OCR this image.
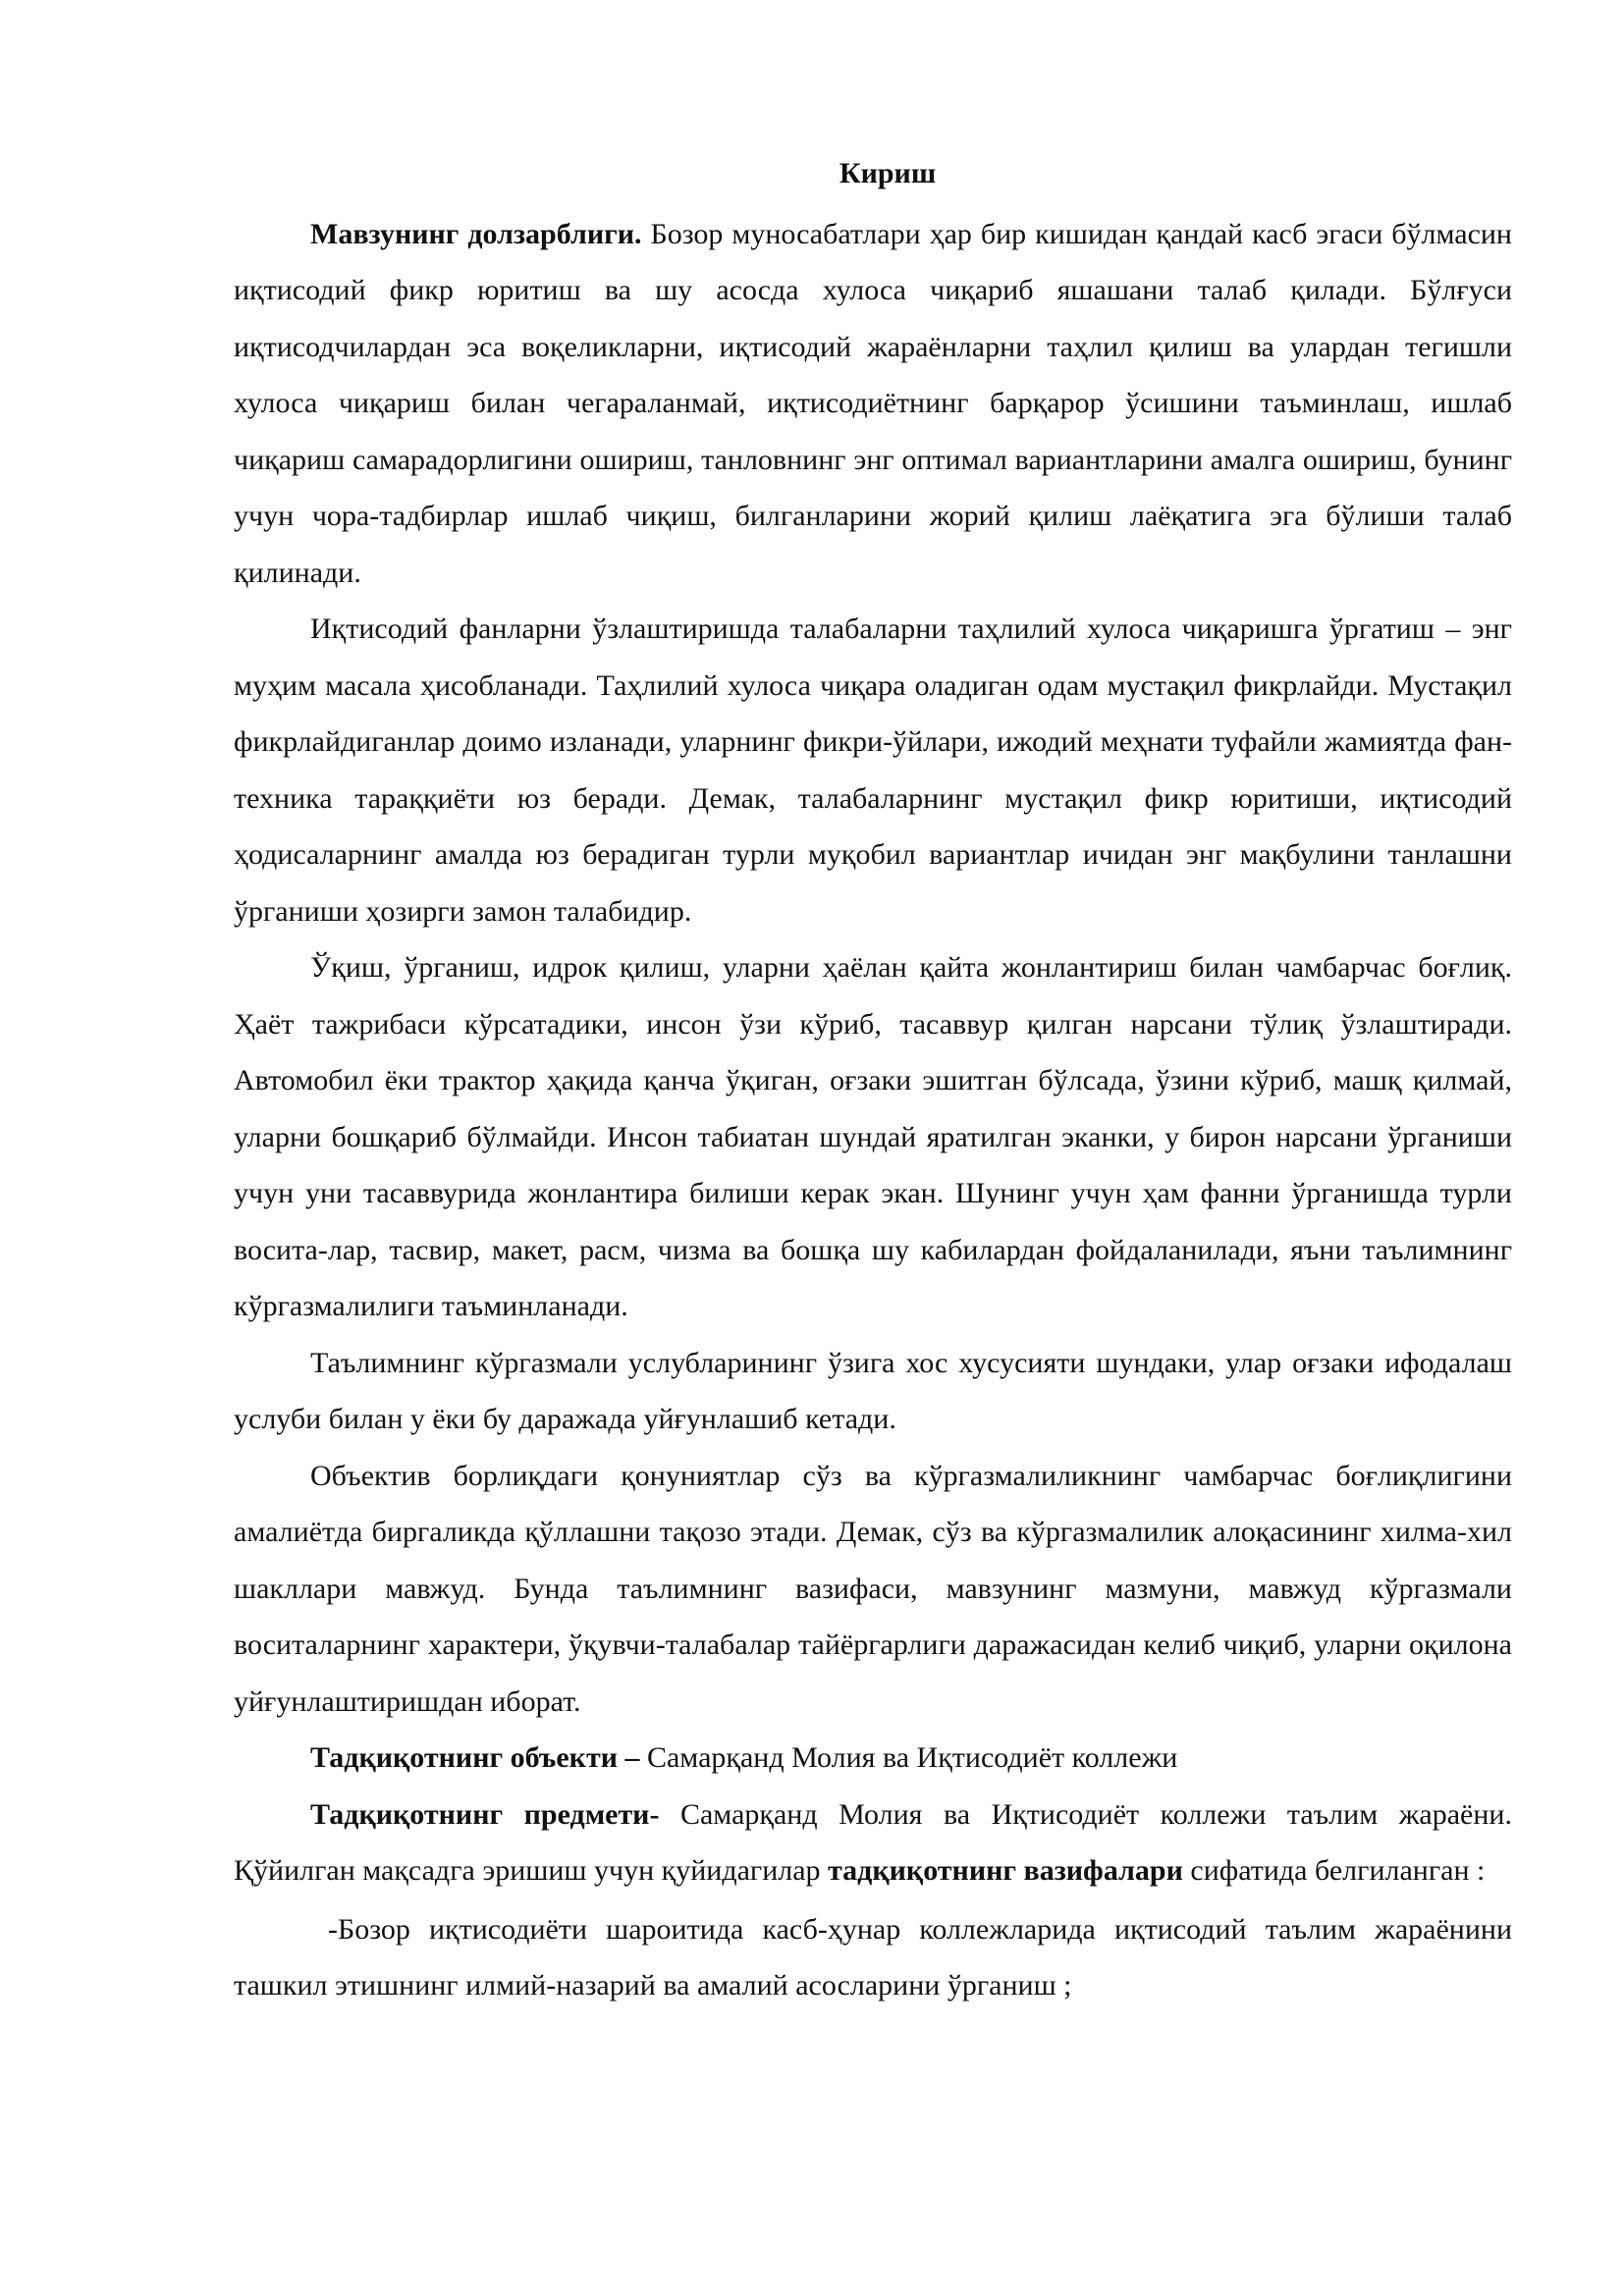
Кириш

Мавзунинг долзарблиги. Бозор муносабатлари ҳар бир кишидан қандай касб эгаси бўлмасин иқтисодий фикр юритиш ва шу асосда хулоса чиқариб яшашани талаб қилади. Бўлғуси иқтисодчилардан эса воқеликларни, иқтисодий жараёнларни таҳлил қилиш ва улардан тегишли хулоса чиқариш билан чегараланмай, иқтисодиётнинг барқарор ўсишини таъминлаш, ишлаб чиқариш самарадорлигини ошириш, танловнинг энг оптимал вариантларини амалга ошириш, бунинг учун чора-тадбирлар ишлаб чиқиш, билганларини жорий қилиш лаёқатига эга бўлиши талаб қилинади.

Иқтисодий фанларни ўзлаштиришда талабаларни таҳлилий хулоса чиқаришга ўргатиш – энг муҳим масала ҳисобланади. Таҳлилий хулоса чиқара оладиган одам мустақил фикрлайди. Мустақил фикрлайдиганлар доимо изланади, уларнинг фикри-ўйлари, ижодий меҳнати туфайли жамиятда фан-техника тараққиёти юз беради. Демак, талабаларнинг мустақил фикр юритиши, иқтисодий ҳодисаларнинг амалда юз берадиган турли муқобил вариантлар ичидан энг мақбулини танлашни ўрганиши ҳозирги замон талабидир.

Ўқиш, ўрганиш, идрок қилиш, уларни ҳаёлан қайта жонлантириш билан чамбарчас боғлиқ. Ҳаёт тажрибаси кўрсатадики, инсон ўзи кўриб, тасаввур қилган нарсани тўлиқ ўзлаштиради. Автомобил ёки трактор ҳақида қанча ўқиган, оғзаки эшитган бўлсада, ўзини кўриб, машқ қилмай, уларни бошқариб бўлмайди. Инсон табиатан шундай яратилган эканки, у бирон нарсани ўрганиши учун уни тасаввурида жонлантира билиши керак экан. Шунинг учун ҳам фанни ўрганишда турли восита-лар, тасвир, макет, расм, чизма ва бошқа шу кабилардан фойдаланилади, яъни таълимнинг кўргазмалилиги таъминланади.

Таълимнинг кўргазмали услубларининг ўзига хос хусусияти шундаки, улар оғзаки ифодалаш услуби билан у ёки бу даражада уйғунлашиб кетади.

Объектив борлиқдаги қонуниятлар сўз ва кўргазмалиликнинг чамбарчас боғлиқлигини амалиётда биргаликда қўллашни тақозо этади. Демак, сўз ва кўргазмалилик алоқасининг хилма-хил шакллари мавжуд. Бунда таълимнинг вазифаси, мавзунинг мазмуни, мавжуд кўргазмали воситаларнинг характери, ўқувчи-талабалар тайёргарлиги даражасидан келиб чиқиб, уларни оқилона уйғунлаштиришдан иборат.

Тадқиқотнинг объекти – Самарқанд Молия ва Иқтисодиёт коллежи

Тадқиқотнинг предмети- Самарқанд Молия ва Иқтисодиёт коллежи таълим жараёни. Қўйилган мақсадга эришиш учун қуйидагилар тадқиқотнинг вазифалари сифатида белгиланган :

-Бозор иқтисодиёти шароитида касб-ҳунар коллежларида иқтисодий таълим жараёнини ташкил этишнинг илмий-назарий ва амалий асосларини ўрганиш ;
